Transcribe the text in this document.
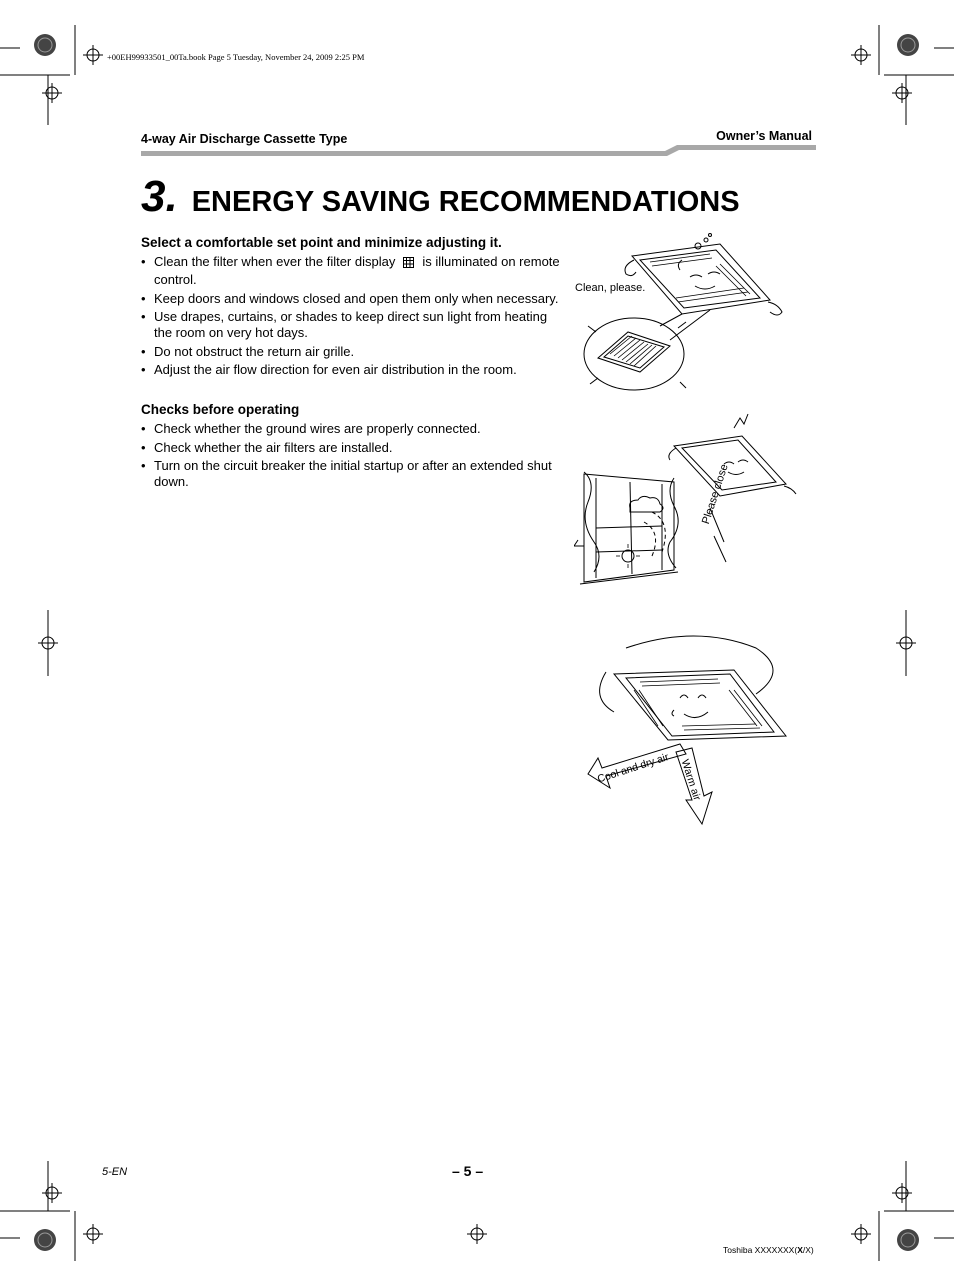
+00EH99933501_00Ta.book Page 5 Tuesday, November 24, 2009 2:25 PM
4-way Air Discharge Cassette Type	Owner’s Manual
3. ENERGY SAVING RECOMMENDATIONS
Select a comfortable set point and minimize adjusting it.
• Clean the filter when ever the filter display is illuminated on remote control.
• Keep doors and windows closed and open them only when necessary.
• Use drapes, curtains, or shades to keep direct sun light from heating the room on very hot days.
• Do not obstruct the return air grille.
• Adjust the air flow direction for even air distribution in the room.
Checks before operating
• Check whether the ground wires are properly connected.
• Check whether the air filters are installed.
• Turn on the circuit breaker the initial startup or after an extended shut down.
Clean, please.
Please close
Cool and dry air Warm air
5-EN	– 5 –
Toshiba XXXXXXX(X/X)
